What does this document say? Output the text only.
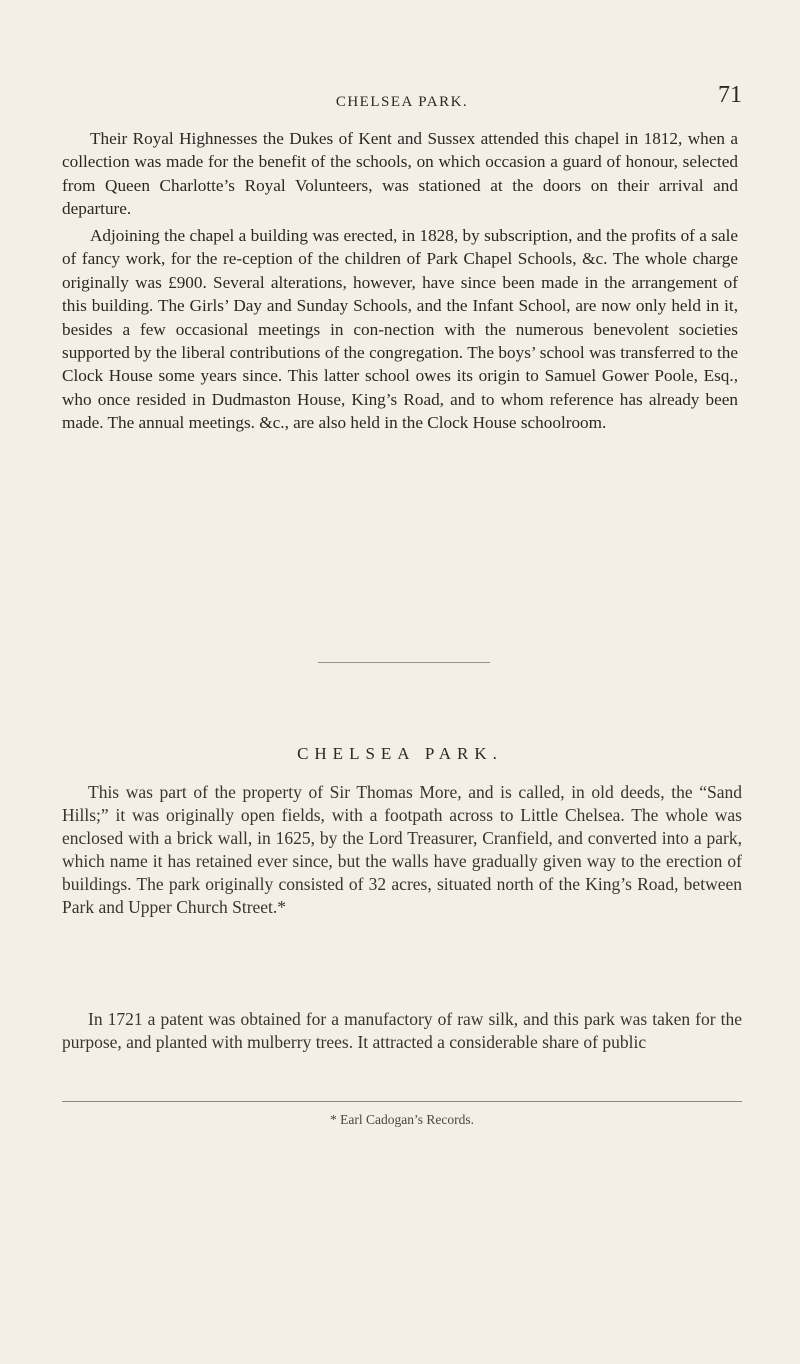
CHELSEA PARK.	71

Their Royal Highnesses the Dukes of Kent and Sussex attended this chapel in 1812, when a collection was made for the benefit of the schools, on which occasion a guard of honour, selected from Queen Charlotte’s Royal Volunteers, was stationed at the doors on their arrival and departure.

Adjoining the chapel a building was erected, in 1828, by subscription, and the profits of a sale of fancy work, for the re-ception of the children of Park Chapel Schools, &c. The whole charge originally was £900. Several alterations, however, have since been made in the arrangement of this building. The Girls’ Day and Sunday Schools, and the Infant School, are now only held in it, besides a few occasional meetings in con-nection with the numerous benevolent societies supported by the liberal contributions of the congregation. The boys’ school was transferred to the Clock House some years since. This latter school owes its origin to Samuel Gower Poole, Esq., who once resided in Dudmaston House, King’s Road, and to whom reference has already been made. The annual meetings. &c., are also held in the Clock House schoolroom.

CHELSEA PARK.

This was part of the property of Sir Thomas More, and is called, in old deeds, the “Sand Hills;” it was originally open fields, with a footpath across to Little Chelsea. The whole was enclosed with a brick wall, in 1625, by the Lord Treasurer, Cranfield, and converted into a park, which name it has retained ever since, but the walls have gradually given way to the erection of buildings. The park originally consisted of 32 acres, situated north of the King’s Road, between Park and Upper Church Street.*

In 1721 a patent was obtained for a manufactory of raw silk, and this park was taken for the purpose, and planted with mulberry trees. It attracted a considerable share of public

* Earl Cadogan’s Records.
